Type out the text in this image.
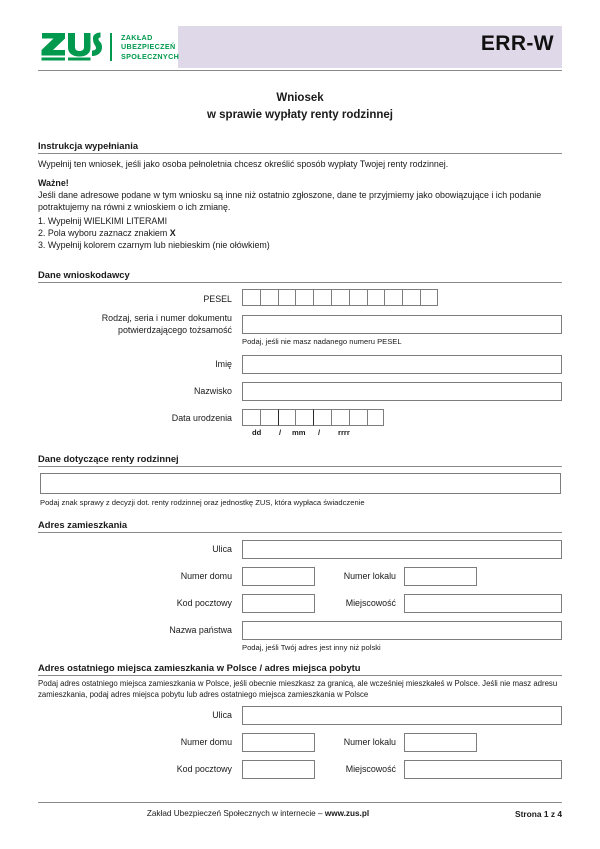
ZAKŁAD
UBEZPIECZEŃ
SPOŁECZNYCH
ERR-W
Wniosek
w sprawie wypłaty renty rodzinnej
Instrukcja wypełniania
Wypełnij ten wniosek, jeśli jako osoba pełnoletnia chcesz określić sposób wypłaty Twojej renty rodzinnej.
Ważne!
Jeśli dane adresowe podane w tym wniosku są inne niż ostatnio zgłoszone, dane te przyjmiemy jako obowiązujące i ich podanie potraktujemy na równi z wnioskiem o ich zmianę.
1. Wypełnij WIELKIMI LITERAMI
2. Pola wyboru zaznacz znakiem X
3. Wypełnij kolorem czarnym lub niebieskim (nie ołówkiem)
Dane wnioskodawcy
PESEL
Rodzaj, seria i numer dokumentu
potwierdzającego tożsamość
Podaj, jeśli nie masz nadanego numeru PESEL
Imię
Nazwisko
Data urodzenia
dd / mm / rrrr
Dane dotyczące renty rodzinnej
Podaj znak sprawy z decyzji dot. renty rodzinnej oraz jednostkę ZUS, która wypłaca świadczenie
Adres zamieszkania
Ulica
Numer domu	Numer lokalu
Kod pocztowy	Miejscowość
Nazwa państwa
Podaj, jeśli Twój adres jest inny niż polski
Adres ostatniego miejsca zamieszkania w Polsce / adres miejsca pobytu
Podaj adres ostatniego miejsca zamieszkania w Polsce, jeśli obecnie mieszkasz za granicą, ale wcześniej mieszkałeś w Polsce. Jeśli nie masz adresu zamieszkania, podaj adres miejsca pobytu lub adres ostatniego miejsca zamieszkania w Polsce
Ulica
Numer domu	Numer lokalu
Kod pocztowy	Miejscowość
Zakład Ubezpieczeń Społecznych w internecie – www.zus.pl	Strona 1 z 4
